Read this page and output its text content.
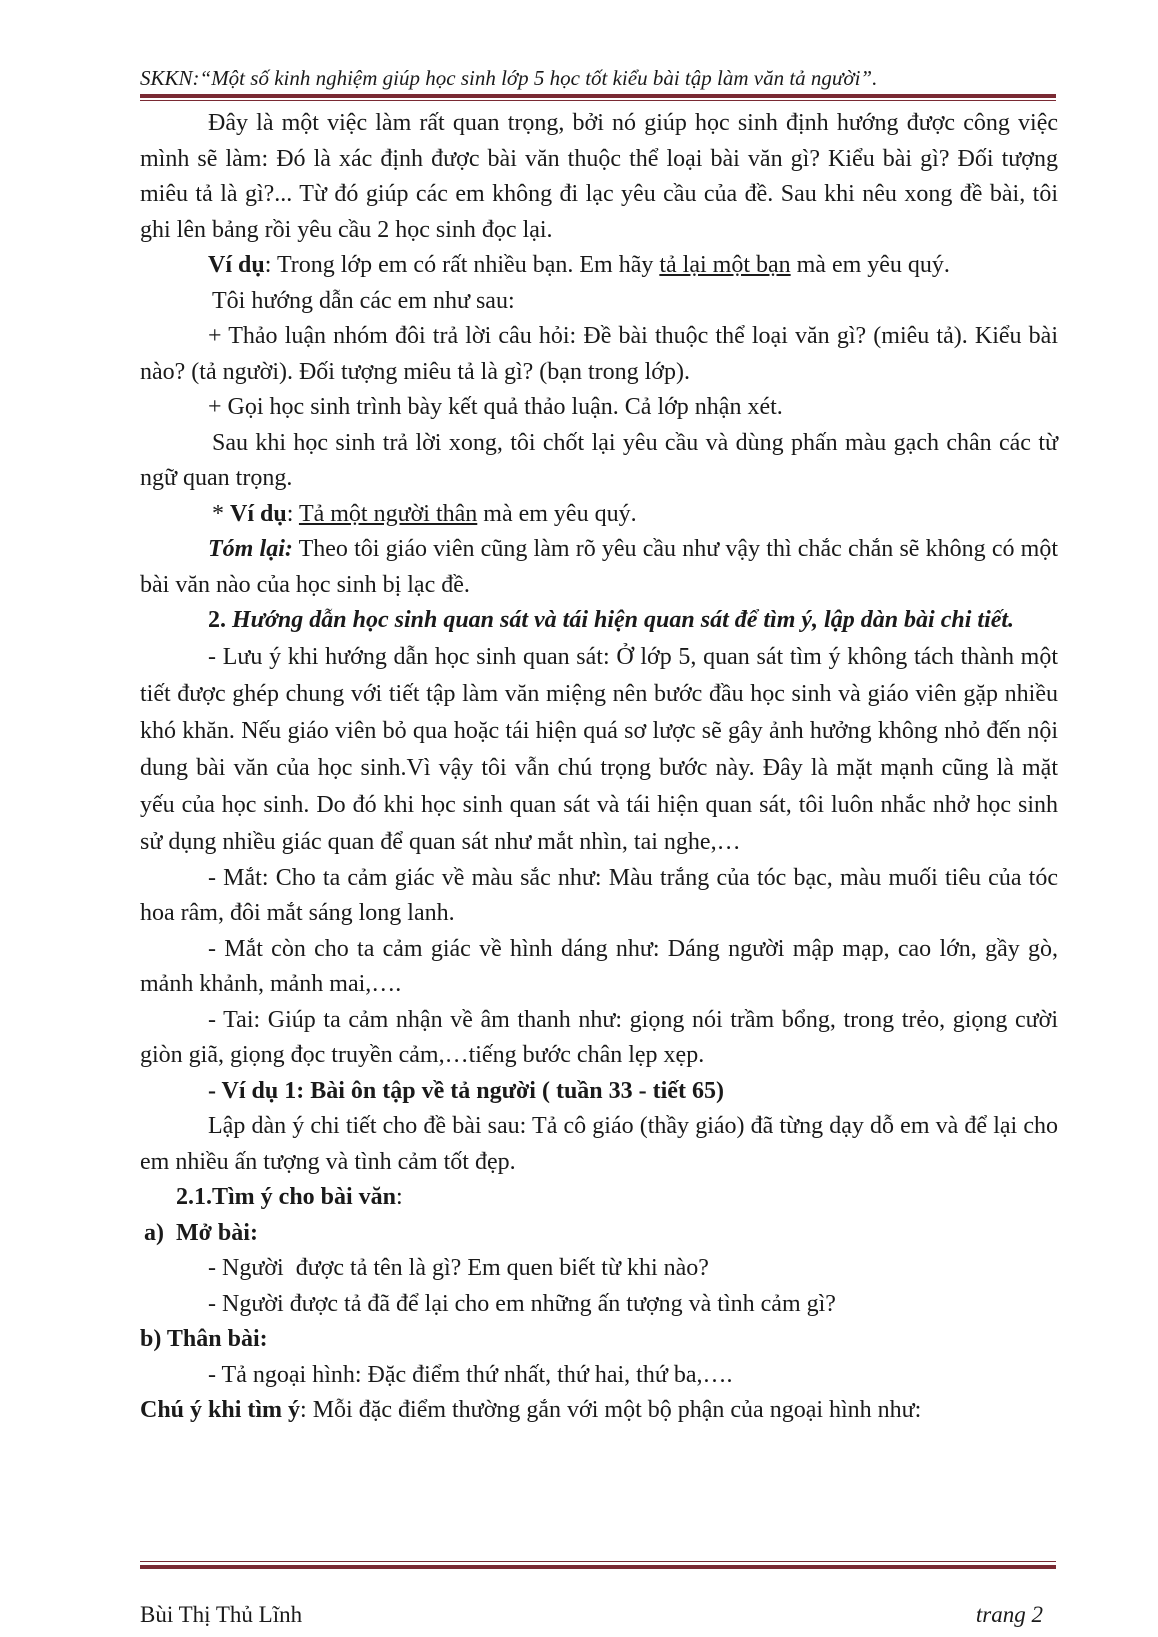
SKKN:“Một số kinh nghiệm giúp học sinh lớp 5 học tốt kiểu bài tập làm văn tả người”.

Đây là một việc làm rất quan trọng, bởi nó giúp học sinh định hướng được công việc mình sẽ làm: Đó là xác định được bài văn thuộc thể loại bài văn gì? Kiểu bài gì? Đối tượng miêu tả là gì?... Từ đó giúp các em không đi lạc yêu cầu của đề. Sau khi nêu xong đề bài, tôi ghi lên bảng rồi yêu cầu 2 học sinh đọc lại.

Ví dụ: Trong lớp em có rất nhiều bạn. Em hãy tả lại một bạn mà em yêu quý.

Tôi hướng dẫn các em như sau:

+ Thảo luận nhóm đôi trả lời câu hỏi: Đề bài thuộc thể loại văn gì? (miêu tả). Kiểu bài nào? (tả người). Đối tượng miêu tả là gì? (bạn trong lớp).

+ Gọi học sinh trình bày kết quả thảo luận. Cả lớp nhận xét.

Sau khi học sinh trả lời xong, tôi chốt lại yêu cầu và dùng phấn màu gạch chân các từ ngữ quan trọng.

* Ví dụ: Tả một người thân mà em yêu quý.

Tóm lại: Theo tôi giáo viên cũng làm rõ yêu cầu như vậy thì chắc chắn sẽ không có một bài văn nào của học sinh bị lạc đề.

2. Hướng dẫn học sinh quan sát và tái hiện quan sát để tìm ý, lập dàn bài chi tiết.

- Lưu ý khi hướng dẫn học sinh quan sát: Ở lớp 5, quan sát tìm ý không tách thành một tiết được ghép chung với tiết tập làm văn miệng nên bước đầu học sinh và giáo viên gặp nhiều khó khăn. Nếu giáo viên bỏ qua hoặc tái hiện quá sơ lược sẽ gây ảnh hưởng không nhỏ đến nội dung bài văn của học sinh.Vì vậy tôi vẫn chú trọng bước này. Đây là mặt mạnh cũng là mặt yếu của học sinh. Do đó khi học sinh quan sát và tái hiện quan sát, tôi luôn nhắc nhở học sinh sử dụng nhiều giác quan để quan sát như mắt nhìn, tai nghe,…

- Mắt: Cho ta cảm giác về màu sắc như: Màu trắng của tóc bạc, màu muối tiêu của tóc hoa râm, đôi mắt sáng long lanh.

- Mắt còn cho ta cảm giác về hình dáng như: Dáng người mập mạp, cao lớn, gầy gò, mảnh khảnh, mảnh mai,….

- Tai: Giúp ta cảm nhận về âm thanh như: giọng nói trầm bổng, trong trẻo, giọng cười giòn giã, giọng đọc truyền cảm,…tiếng bước chân lẹp xẹp.

- Ví dụ 1: Bài ôn tập về tả người ( tuần 33 - tiết 65)

Lập dàn ý chi tiết cho đề bài sau: Tả cô giáo (thầy giáo) đã từng dạy dỗ em và để lại cho em nhiều ấn tượng và tình cảm tốt đẹp.

2.1.Tìm ý cho bài văn:

a)  Mở bài:

- Người  được tả tên là gì? Em quen biết từ khi nào?

- Người được tả đã để lại cho em những ấn tượng và tình cảm gì?

b) Thân bài:

- Tả ngoại hình: Đặc điểm thứ nhất, thứ hai, thứ ba,….

Chú ý khi tìm ý: Mỗi đặc điểm thường gắn với một bộ phận của ngoại hình như:

Bùi Thị Thủ Lĩnh	trang 2
